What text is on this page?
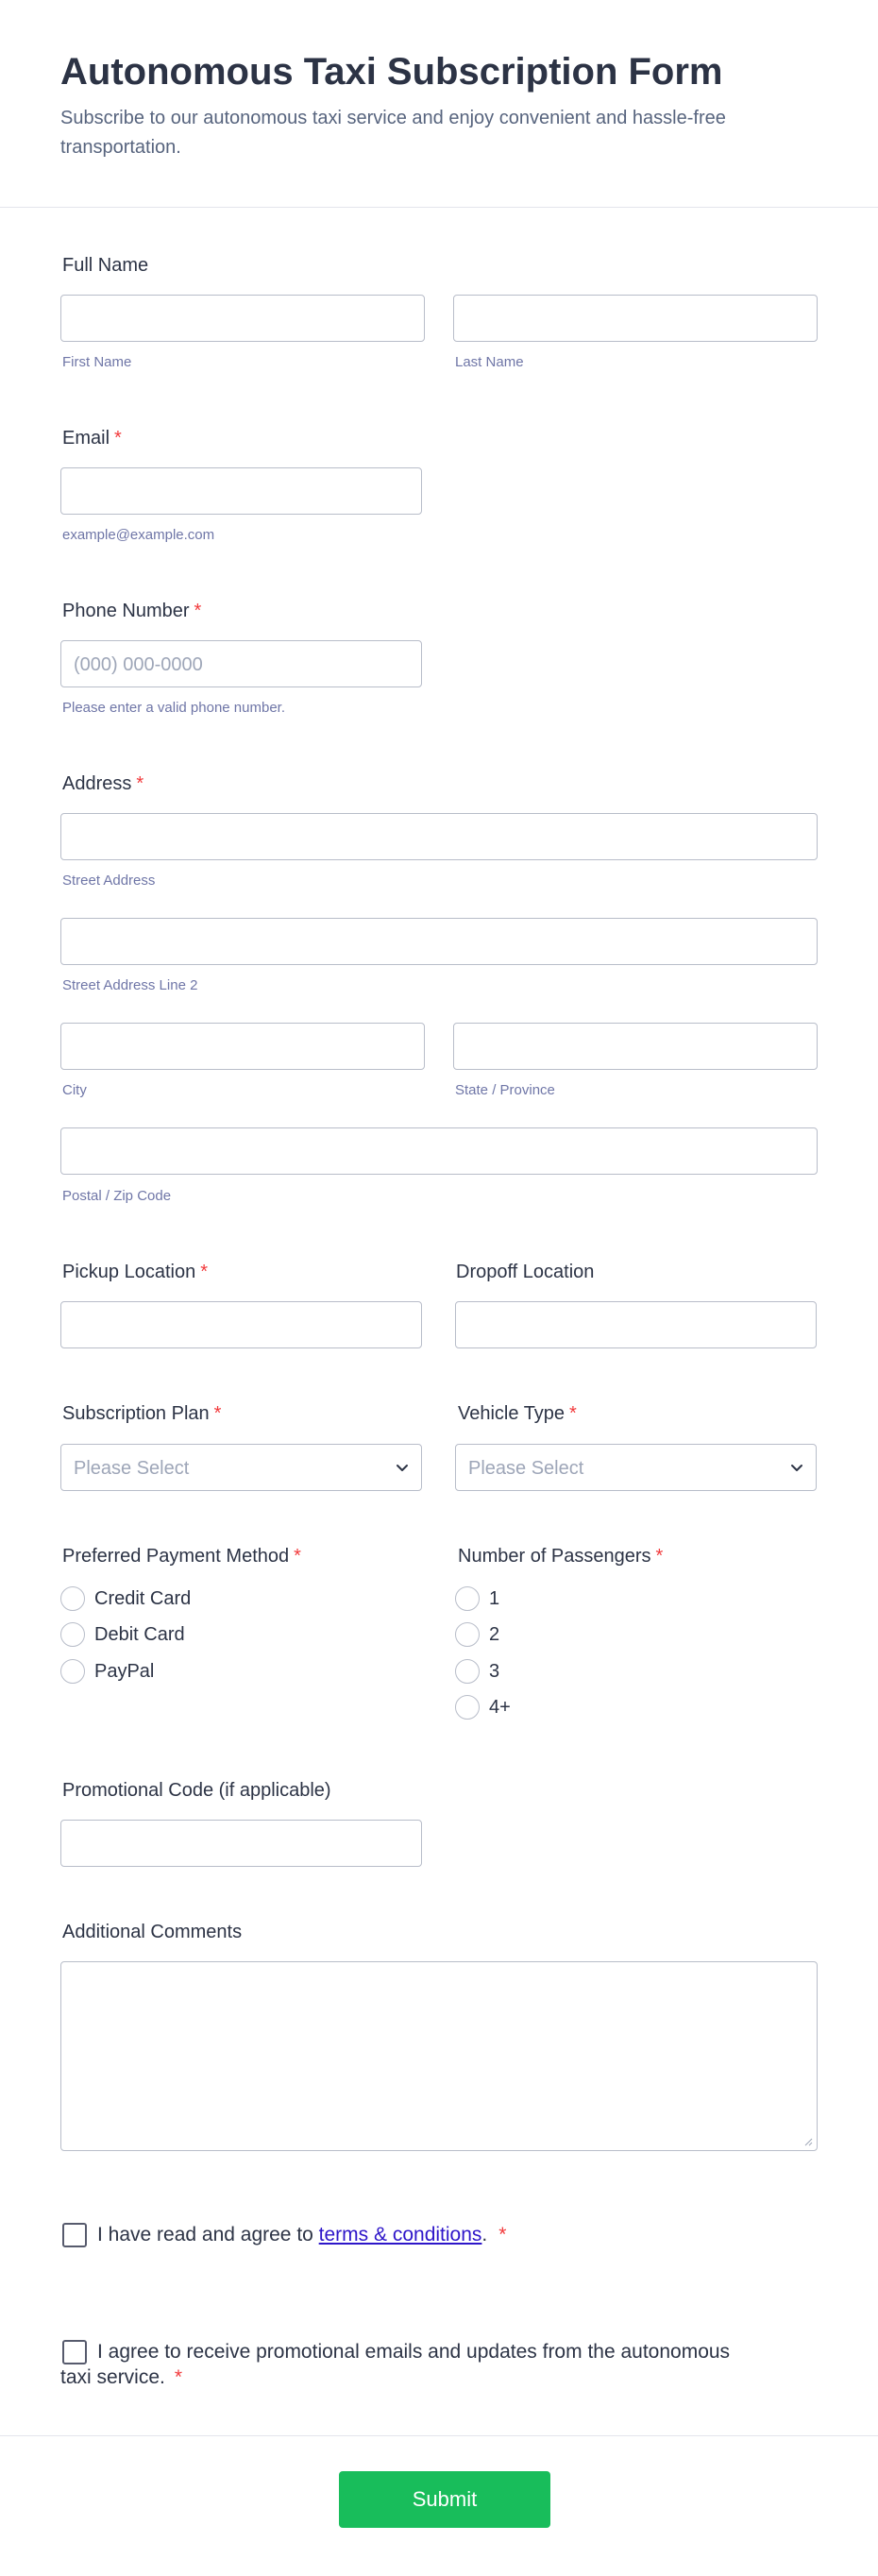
Autonomous Taxi Subscription Form
Subscribe to our autonomous taxi service and enjoy convenient and hassle-free transportation.
Full Name
First Name	Last Name
Email *
example@example.com
Phone Number *
(000) 000-0000
Please enter a valid phone number.
Address *
Street Address
Street Address Line 2
City	State / Province
Postal / Zip Code
Pickup Location *	Dropoff Location
Subscription Plan *	Vehicle Type *
Please Select	Please Select
Preferred Payment Method *
Credit Card
Debit Card
PayPal
Number of Passengers *
1
2
3
4+
Promotional Code (if applicable)
Additional Comments
I have read and agree to terms & conditions. *
I agree to receive promotional emails and updates from the autonomous taxi service. *
Submit
